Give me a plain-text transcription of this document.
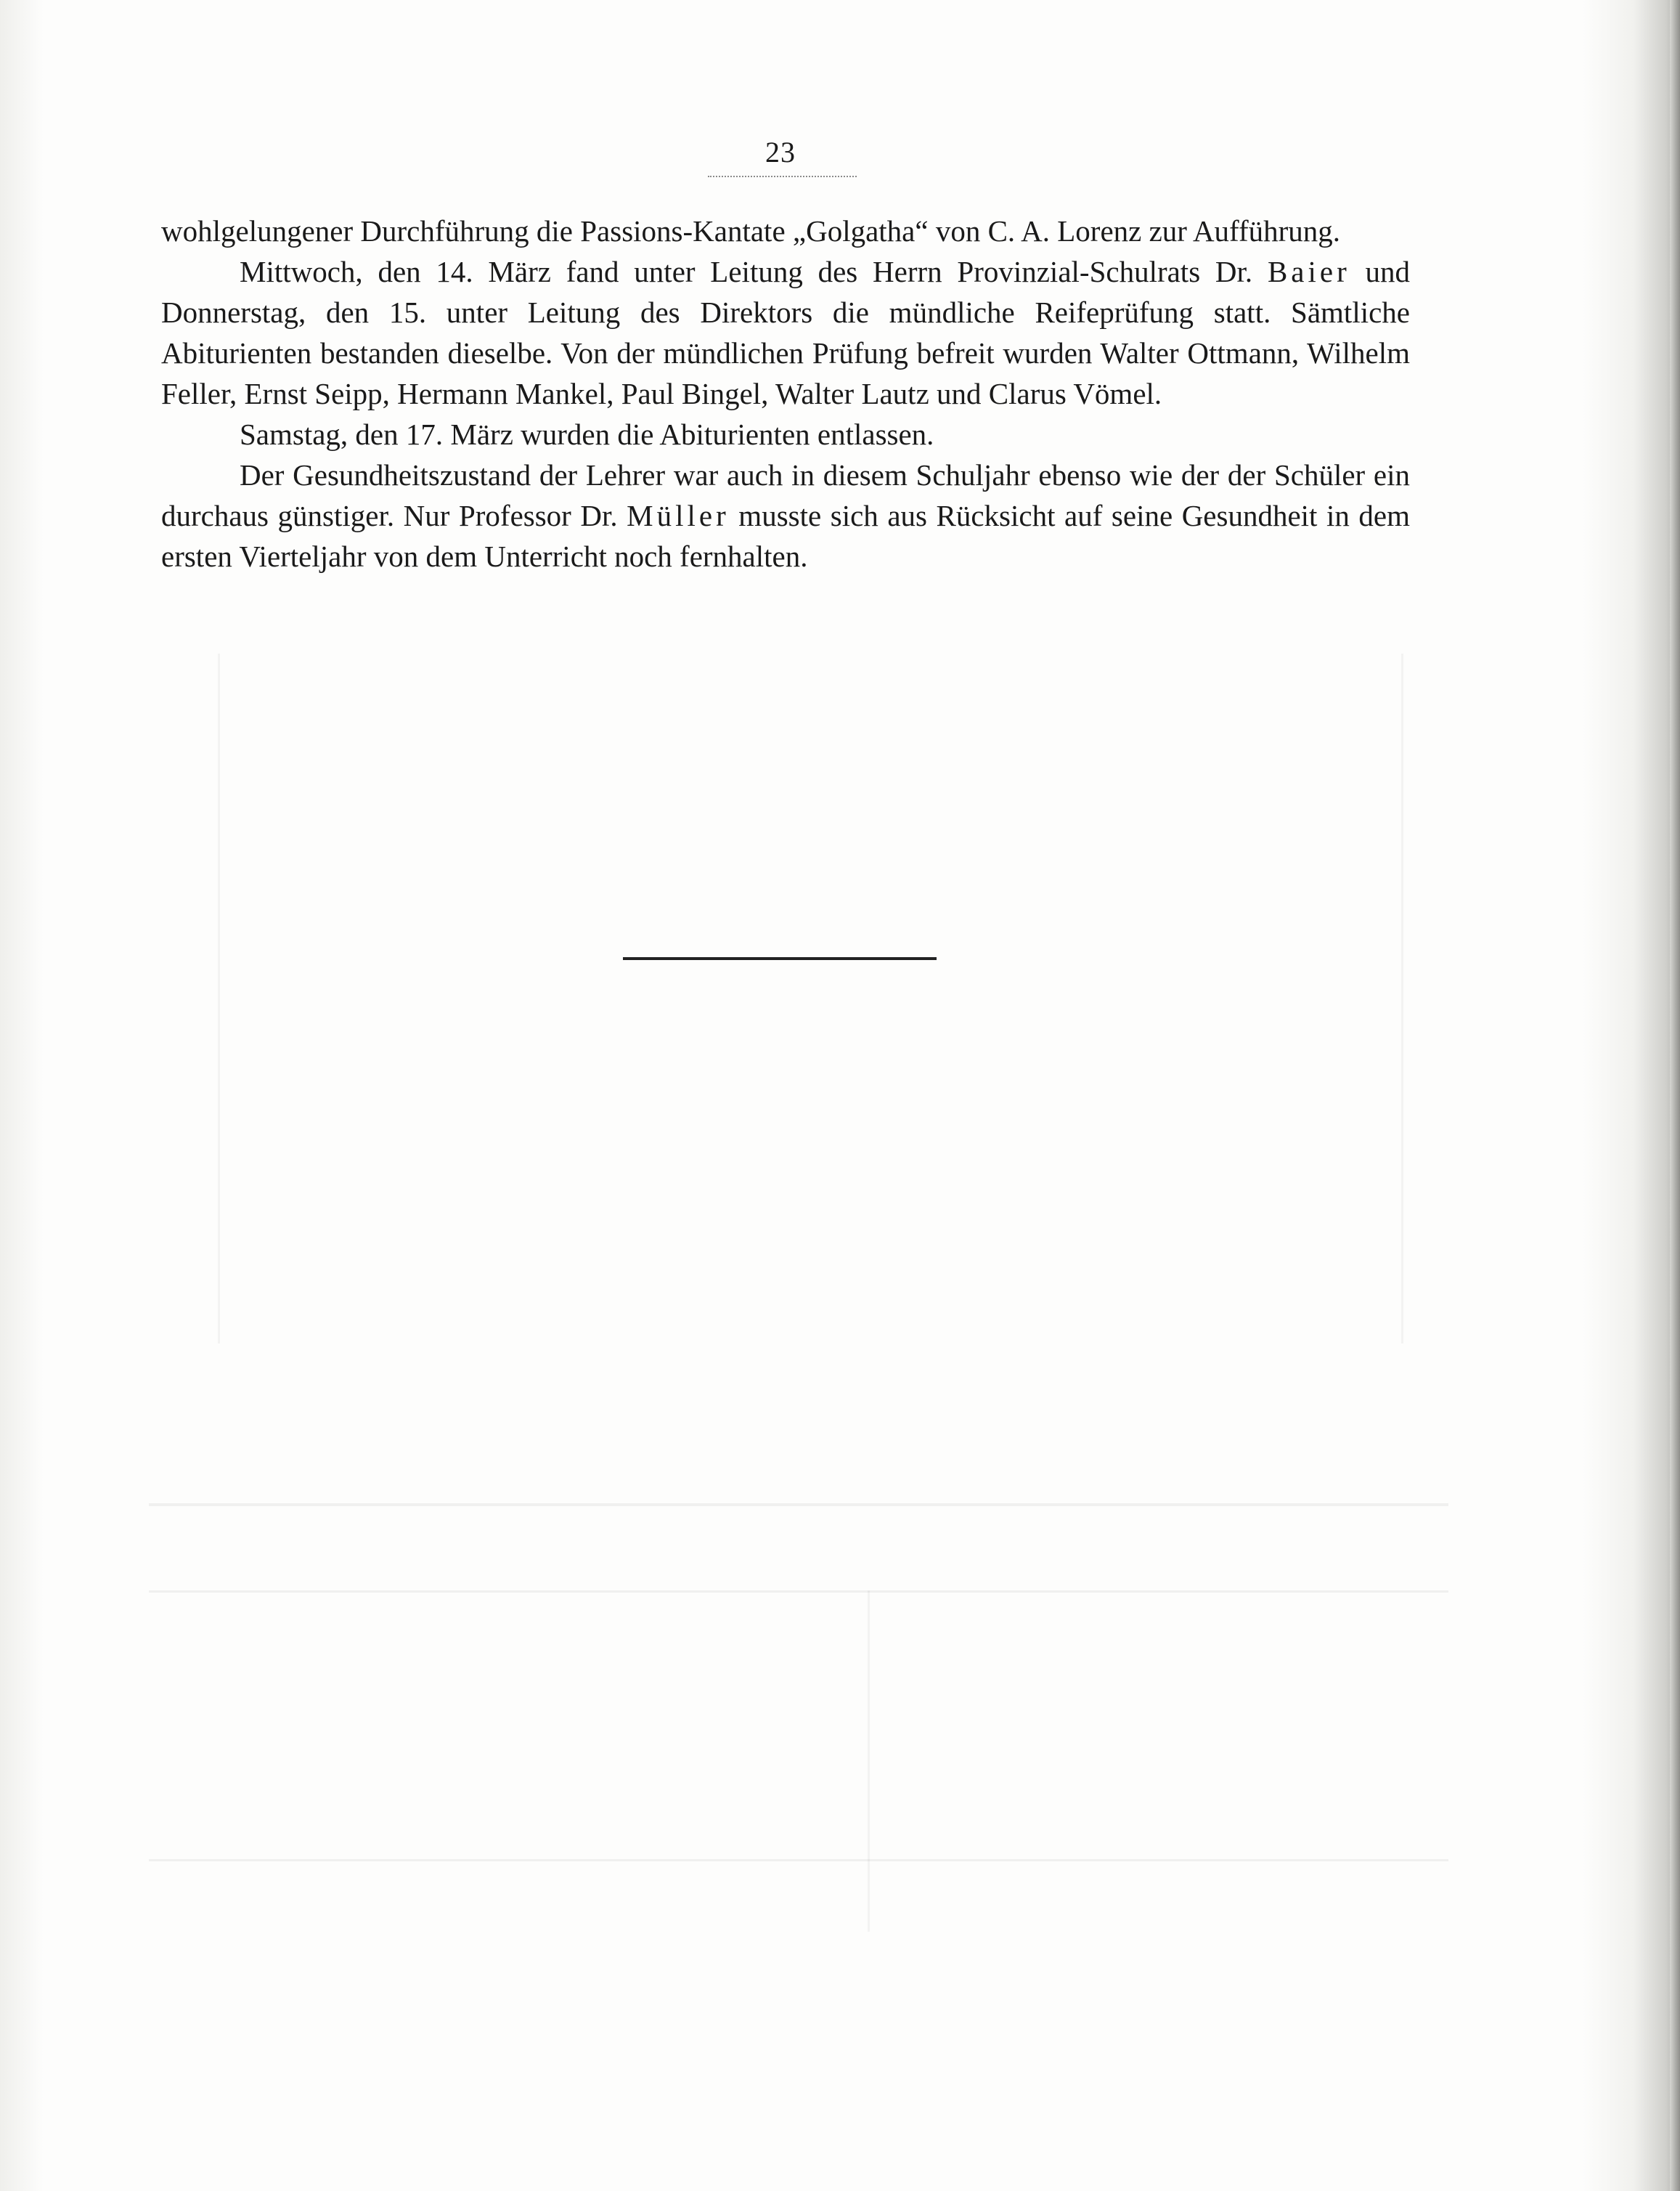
23

wohlgelungener Durchführung die Passions-Kantate „Golgatha“ von C. A. Lorenz zur Aufführung.

Mittwoch, den 14. März fand unter Leitung des Herrn Provinzial-Schulrats Dr. Baier und Donnerstag, den 15. unter Leitung des Direktors die mündliche Reifeprüfung statt. Sämtliche Abiturienten bestanden dieselbe. Von der mündlichen Prüfung befreit wurden Walter Ottmann, Wilhelm Feller, Ernst Seipp, Hermann Mankel, Paul Bingel, Walter Lautz und Clarus Vömel.

Samstag, den 17. März wurden die Abiturienten entlassen.

Der Gesundheitszustand der Lehrer war auch in diesem Schuljahr ebenso wie der der Schüler ein durchaus günstiger. Nur Professor Dr. Müller musste sich aus Rücksicht auf seine Gesundheit in dem ersten Vierteljahr von dem Unterricht noch fernhalten.
